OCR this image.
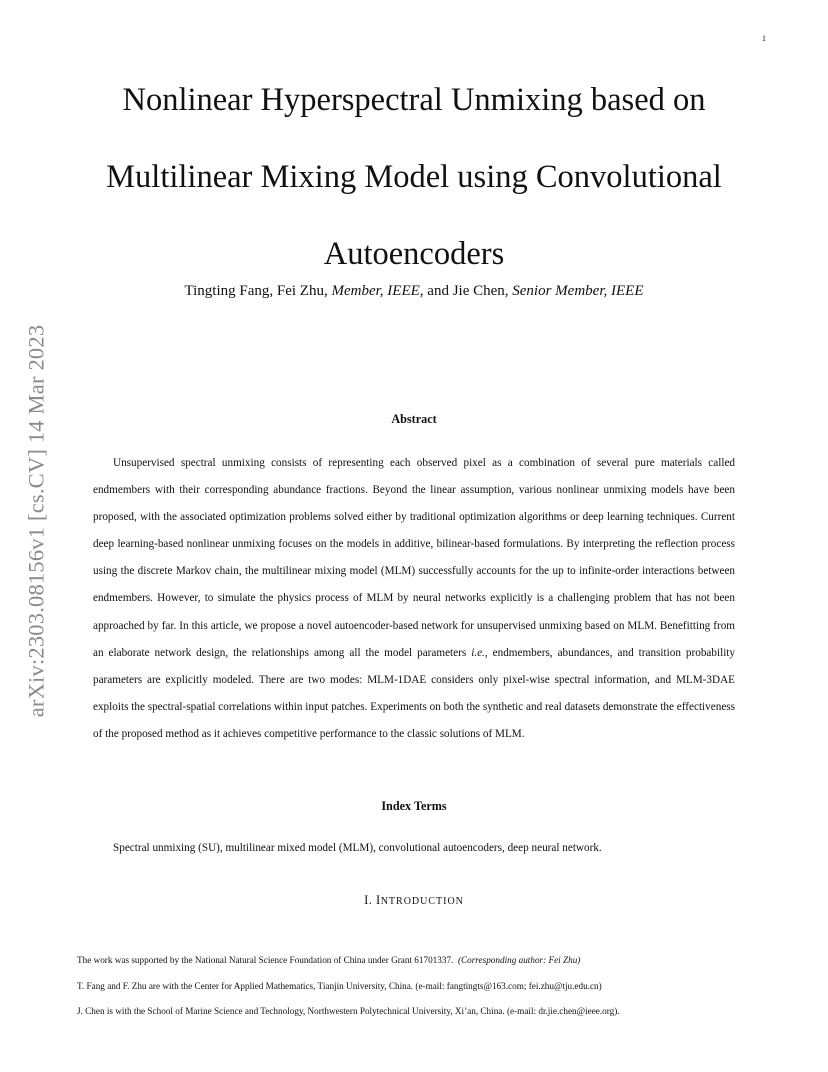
1
arXiv:2303.08156v1 [cs.CV] 14 Mar 2023
Nonlinear Hyperspectral Unmixing based on
Multilinear Mixing Model using Convolutional
Autoencoders
Tingting Fang, Fei Zhu, Member, IEEE, and Jie Chen, Senior Member, IEEE
Abstract

Unsupervised spectral unmixing consists of representing each observed pixel as a combination of several pure materials called endmembers with their corresponding abundance fractions. Beyond the linear assumption, various nonlinear unmixing models have been proposed, with the associated optimization problems solved either by traditional optimization algorithms or deep learning techniques. Current deep learning-based nonlinear unmixing focuses on the models in additive, bilinear-based formulations. By interpreting the reflection process using the discrete Markov chain, the multilinear mixing model (MLM) successfully accounts for the up to infinite-order interactions between endmembers. However, to simulate the physics process of MLM by neural networks explicitly is a challenging problem that has not been approached by far. In this article, we propose a novel autoencoder-based network for unsupervised unmixing based on MLM. Benefitting from an elaborate network design, the relationships among all the model parameters i.e., endmembers, abundances, and transition probability parameters are explicitly modeled. There are two modes: MLM-1DAE considers only pixel-wise spectral information, and MLM-3DAE exploits the spectral-spatial correlations within input patches. Experiments on both the synthetic and real datasets demonstrate the effectiveness of the proposed method as it achieves competitive performance to the classic solutions of MLM.

Index Terms
Spectral unmixing (SU), multilinear mixed model (MLM), convolutional autoencoders, deep neural network.
I. INTRODUCTION
The work was supported by the National Natural Science Foundation of China under Grant 61701337. (Corresponding author: Fei Zhu)
T. Fang and F. Zhu are with the Center for Applied Mathematics, Tianjin University, China. (e-mail: fangtingts@163.com; fei.zhu@tju.edu.cn)
J. Chen is with the School of Marine Science and Technology, Northwestern Polytechnical University, Xi’an, China. (e-mail: dr.jie.chen@ieee.org).
